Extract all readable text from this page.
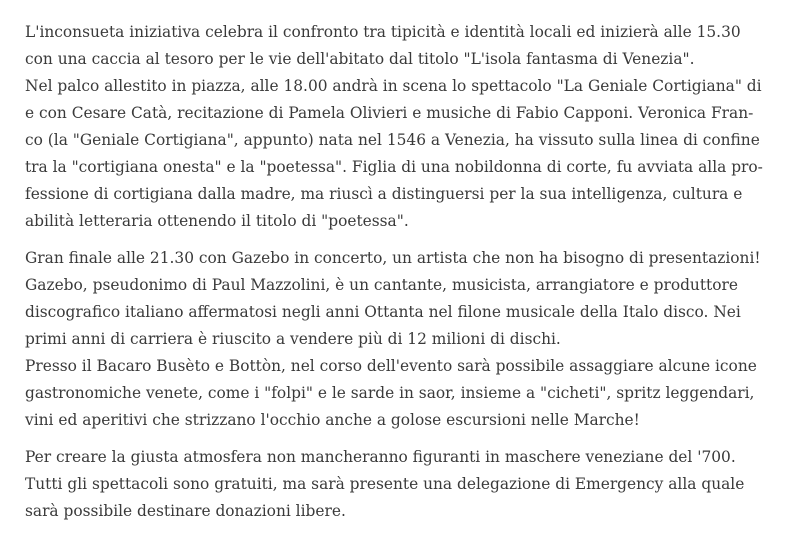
L'inconsueta iniziativa celebra il confronto tra tipicità e identità locali ed inizierà alle 15.30
con una caccia al tesoro per le vie dell'abitato dal titolo "L'isola fantasma di Venezia".
Nel palco allestito in piazza, alle 18.00 andrà in scena lo spettacolo "La Geniale Cortigiana" di
e con Cesare Catà, recitazione di Pamela Olivieri e musiche di Fabio Capponi. Veronica Fran-
co (la "Geniale Cortigiana", appunto) nata nel 1546 a Venezia, ha vissuto sulla linea di confine
tra la "cortigiana onesta" e la "poetessa". Figlia di una nobildonna di corte, fu avviata alla pro-
fessione di cortigiana dalla madre, ma riuscì a distinguersi per la sua intelligenza, cultura e
abilità letteraria ottenendo il titolo di "poetessa".

Gran finale alle 21.30 con Gazebo in concerto, un artista che non ha bisogno di presentazioni!
Gazebo, pseudonimo di Paul Mazzolini, è un cantante, musicista, arrangiatore e produttore
discografico italiano affermatosi negli anni Ottanta nel filone musicale della Italo disco. Nei
primi anni di carriera è riuscito a vendere più di 12 milioni di dischi.
Presso il Bacaro Busèto e Bottòn, nel corso dell'evento sarà possibile assaggiare alcune icone
gastronomiche venete, come i "folpi" e le sarde in saor, insieme a "cicheti", spritz leggendari,
vini ed aperitivi che strizzano l'occhio anche a golose escursioni nelle Marche!

Per creare la giusta atmosfera non mancheranno figuranti in maschere veneziane del '700.
Tutti gli spettacoli sono gratuiti, ma sarà presente una delegazione di Emergency alla quale
sarà possibile destinare donazioni libere.
